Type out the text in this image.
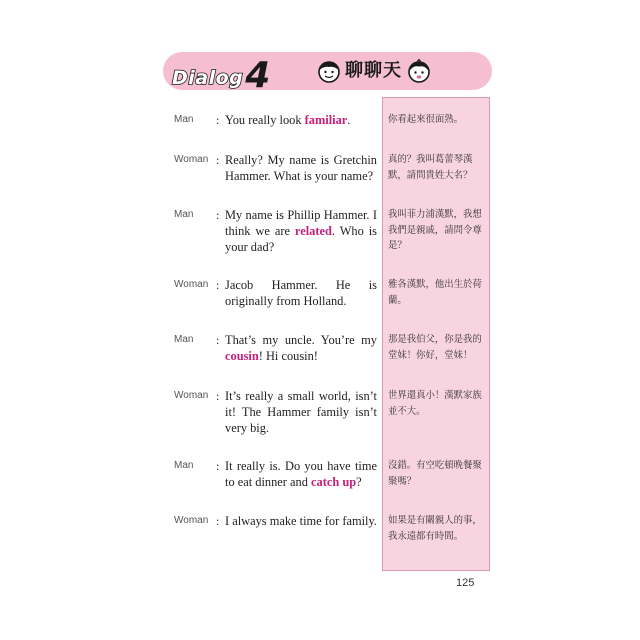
Dialog4	聊聊天
Man : You really look familiar.	你看起來很面熟。
Woman : Really? My name is Gretchin Hammer. What is your name?
真的？我叫葛蕾琴漢默，請問貴姓大名？
Man : My name is Phillip Hammer. I think we are related. Who is your dad?
我叫菲力浦漢默，我想我們是親戚，請問令尊是？
Woman : Jacob Hammer. He is originally from Holland.
雅各漢默，他出生於荷蘭。
Man : That’s my uncle. You’re my cousin! Hi cousin!
那是我伯父，你是我的堂妹！你好，堂妹！
Woman : It’s really a small world, isn’t it! The Hammer family isn’t very big.
世界還真小！漢默家族並不大。
Man : It really is. Do you have time to eat dinner and catch up?
沒錯。有空吃頓晚餐聚聚嗎？
Woman : I always make time for family. 如果是有關親人的事，我永遠都有時間。
125
